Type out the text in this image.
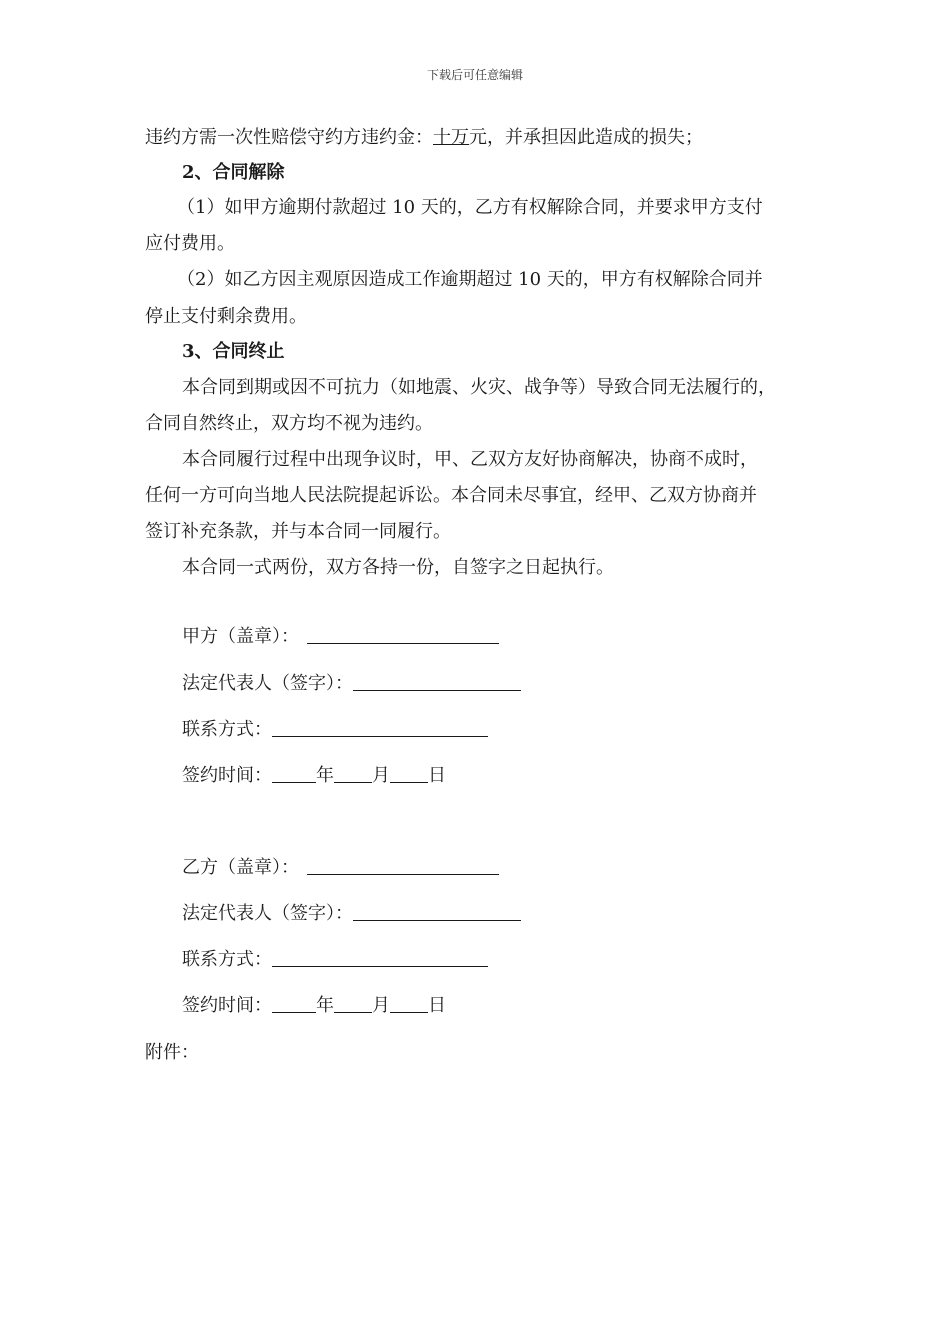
下载后可任意编辑
违约方需一次性赔偿守约方违约金：十万元，并承担因此造成的损失；
2、合同解除
（1）如甲方逾期付款超过 10 天的，乙方有权解除合同，并要求甲方支付
应付费用。
（2）如乙方因主观原因造成工作逾期超过 10 天的，甲方有权解除合同并
停止支付剩余费用。
3、合同终止
本合同到期或因不可抗力（如地震、火灾、战争等）导致合同无法履行的，
合同自然终止，双方均不视为违约。
本合同履行过程中出现争议时，甲、乙双方友好协商解决，协商不成时，
任何一方可向当地人民法院提起诉讼。本合同未尽事宜，经甲、乙双方协商并
签订补充条款，并与本合同一同履行。
本合同一式两份，双方各持一份，自签字之日起执行。
甲方（盖章）：
法定代表人（签字）：
联系方式：
签约时间： 年 月 日
乙方（盖章）：
法定代表人（签字）：
联系方式：
签约时间： 年 月 日
附件：
